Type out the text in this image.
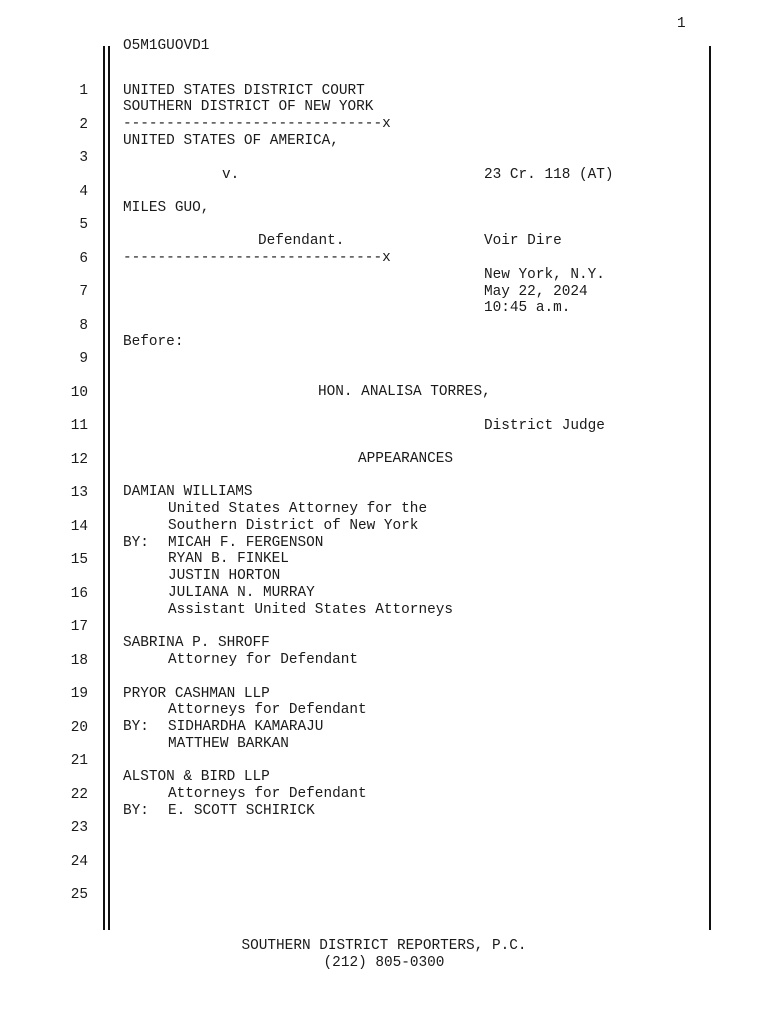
1
O5M1GUOVD1
1
2
3
4
5
6
7
8
9
10
11
12
13
14
15
16
17
18
19
20
21
22
23
24
25
UNITED STATES DISTRICT COURT
SOUTHERN DISTRICT OF NEW YORK
------------------------------x
UNITED STATES OF AMERICA,
v.	23 Cr. 118 (AT)
MILES GUO,
Defendant.	Voir Dire
------------------------------x
New York, N.Y.
May 22, 2024
10:45 a.m.
Before:
HON. ANALISA TORRES,
District Judge
APPEARANCES
DAMIAN WILLIAMS
United States Attorney for the
Southern District of New York
BY: MICAH F. FERGENSON
RYAN B. FINKEL
JUSTIN HORTON
JULIANA N. MURRAY
Assistant United States Attorneys
SABRINA P. SHROFF
Attorney for Defendant
PRYOR CASHMAN LLP
Attorneys for Defendant
BY: SIDHARDHA KAMARAJU
MATTHEW BARKAN
ALSTON & BIRD LLP
Attorneys for Defendant
BY: E. SCOTT SCHIRICK
SOUTHERN DISTRICT REPORTERS, P.C.
(212) 805-0300
